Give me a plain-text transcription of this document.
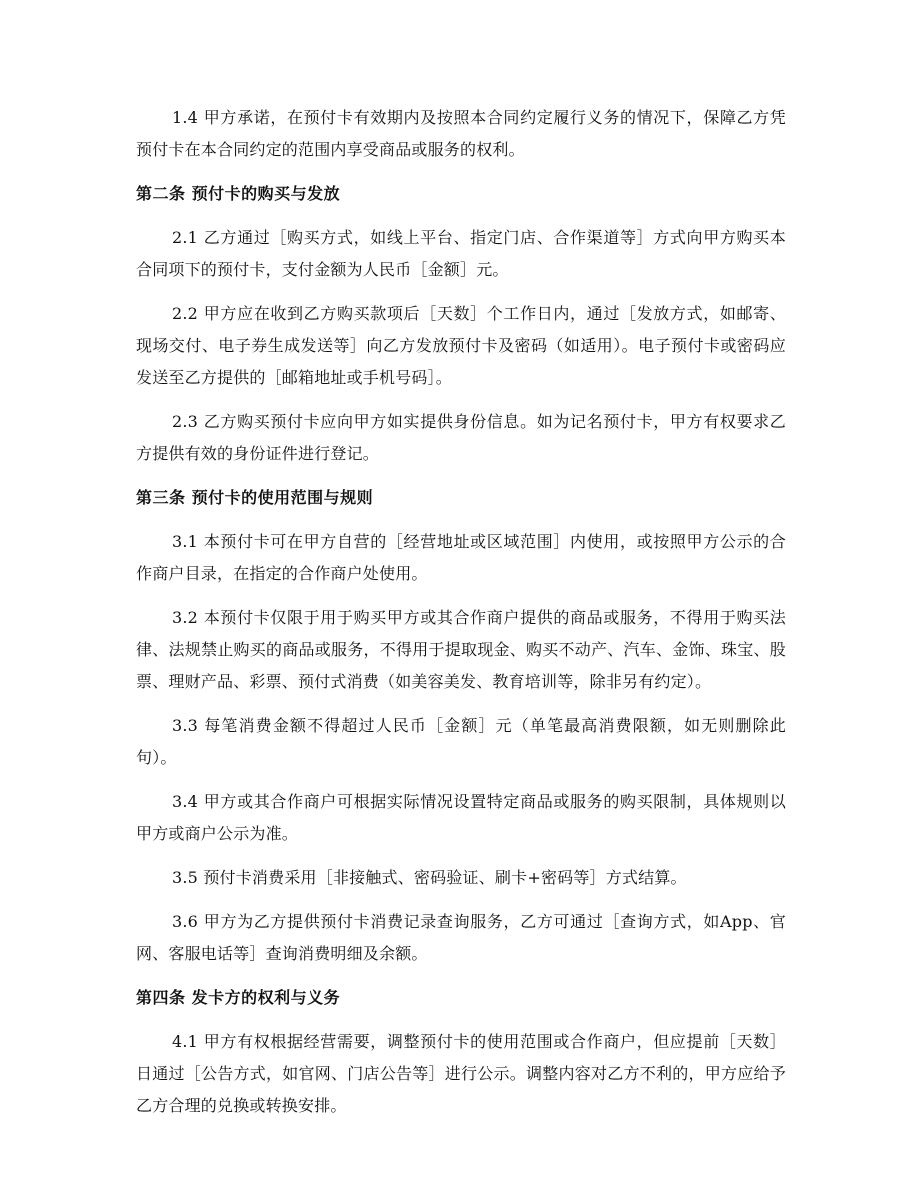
1.4 甲方承诺，在预付卡有效期内及按照本合同约定履行义务的情况下，保障乙方凭预付卡在本合同约定的范围内享受商品或服务的权利。

第二条 预付卡的购买与发放

2.1 乙方通过［购买方式，如线上平台、指定门店、合作渠道等］方式向甲方购买本合同项下的预付卡，支付金额为人民币［金额］元。

2.2 甲方应在收到乙方购买款项后［天数］个工作日内，通过［发放方式，如邮寄、现场交付、电子券生成发送等］向乙方发放预付卡及密码（如适用）。电子预付卡或密码应发送至乙方提供的［邮箱地址或手机号码］。

2.3 乙方购买预付卡应向甲方如实提供身份信息。如为记名预付卡，甲方有权要求乙方提供有效的身份证件进行登记。

第三条 预付卡的使用范围与规则

3.1 本预付卡可在甲方自营的［经营地址或区域范围］内使用，或按照甲方公示的合作商户目录，在指定的合作商户处使用。

3.2 本预付卡仅限于用于购买甲方或其合作商户提供的商品或服务，不得用于购买法律、法规禁止购买的商品或服务，不得用于提取现金、购买不动产、汽车、金饰、珠宝、股票、理财产品、彩票、预付式消费（如美容美发、教育培训等，除非另有约定）。

3.3 每笔消费金额不得超过人民币［金额］元（单笔最高消费限额，如无则删除此句）。

3.4 甲方或其合作商户可根据实际情况设置特定商品或服务的购买限制，具体规则以甲方或商户公示为准。

3.5 预付卡消费采用［非接触式、密码验证、刷卡+密码等］方式结算。

3.6 甲方为乙方提供预付卡消费记录查询服务，乙方可通过［查询方式，如App、官网、客服电话等］查询消费明细及余额。

第四条 发卡方的权利与义务

4.1 甲方有权根据经营需要，调整预付卡的使用范围或合作商户，但应提前［天数］日通过［公告方式，如官网、门店公告等］进行公示。调整内容对乙方不利的，甲方应给予乙方合理的兑换或转换安排。
